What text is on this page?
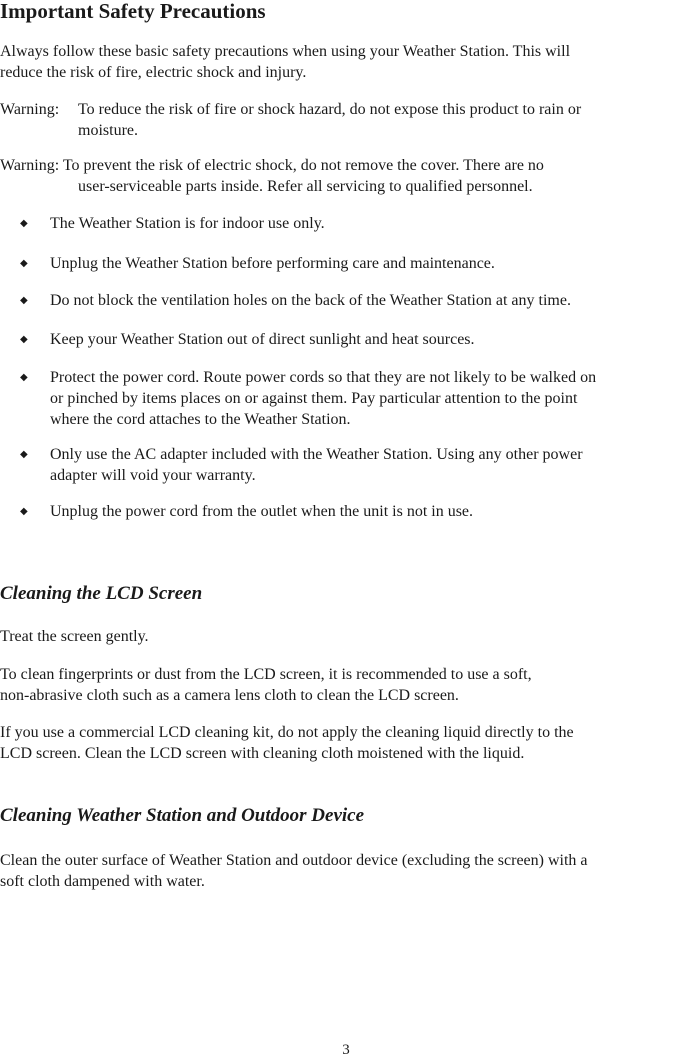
Important Safety Precautions
Always follow these basic safety precautions when using your Weather Station. This will
reduce the risk of fire, electric shock and injury.
Warning: To reduce the risk of fire or shock hazard, do not expose this product to rain or
moisture.
Warning: To prevent the risk of electric shock, do not remove the cover. There are no
user-serviceable parts inside. Refer all servicing to qualified personnel.
◆ The Weather Station is for indoor use only.
◆ Unplug the Weather Station before performing care and maintenance.
◆ Do not block the ventilation holes on the back of the Weather Station at any time.
◆ Keep your Weather Station out of direct sunlight and heat sources.
◆ Protect the power cord. Route power cords so that they are not likely to be walked on
or pinched by items places on or against them. Pay particular attention to the point
where the cord attaches to the Weather Station.
◆ Only use the AC adapter included with the Weather Station. Using any other power
adapter will void your warranty.
◆ Unplug the power cord from the outlet when the unit is not in use.
Cleaning the LCD Screen
Treat the screen gently.
To clean fingerprints or dust from the LCD screen, it is recommended to use a soft,
non-abrasive cloth such as a camera lens cloth to clean the LCD screen.
If you use a commercial LCD cleaning kit, do not apply the cleaning liquid directly to the
LCD screen. Clean the LCD screen with cleaning cloth moistened with the liquid.
Cleaning Weather Station and Outdoor Device
Clean the outer surface of Weather Station and outdoor device (excluding the screen) with a
soft cloth dampened with water.
3
